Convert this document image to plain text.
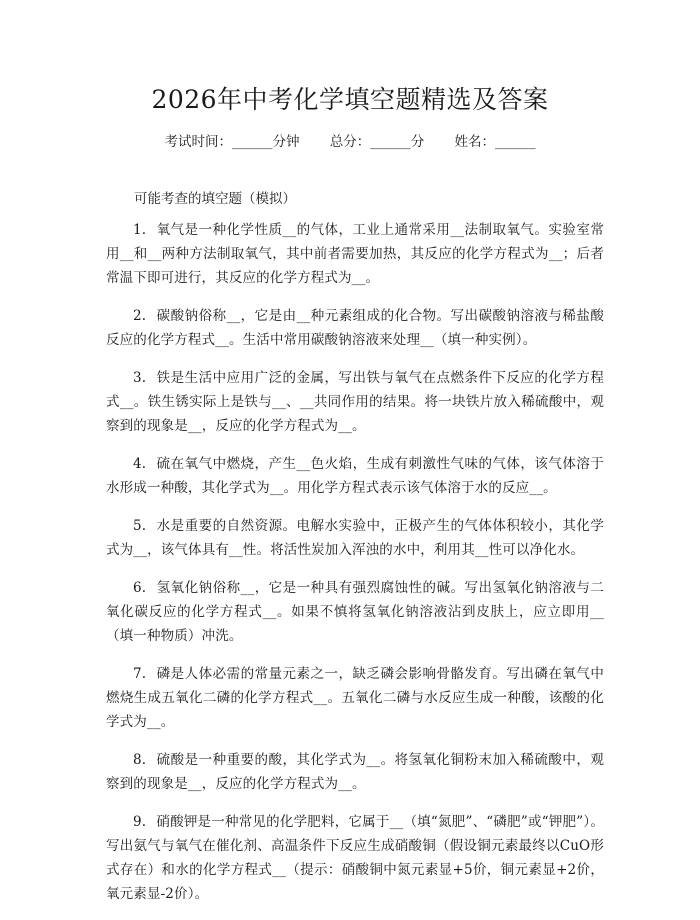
2026年中考化学填空题精选及答案
考试时间：______分钟 总分：______分 姓名：______
可能考查的填空题（模拟）
1. 氧气是一种化学性质__的气体，工业上通常采用__法制取氧气。实验室常用__和__两种方法制取氧气，其中前者需要加热，其反应的化学方程式为__；后者常温下即可进行，其反应的化学方程式为__。
2. 碳酸钠俗称__，它是由__种元素组成的化合物。写出碳酸钠溶液与稀盐酸反应的化学方程式__。生活中常用碳酸钠溶液来处理__（填一种实例）。
3. 铁是生活中应用广泛的金属，写出铁与氧气在点燃条件下反应的化学方程式__。铁生锈实际上是铁与__、__共同作用的结果。将一块铁片放入稀硫酸中，观察到的现象是__，反应的化学方程式为__。
4. 硫在氧气中燃烧，产生__色火焰，生成有刺激性气味的气体，该气体溶于水形成一种酸，其化学式为__。用化学方程式表示该气体溶于水的反应__。
5. 水是重要的自然资源。电解水实验中，正极产生的气体体积较小，其化学式为__，该气体具有__性。将活性炭加入浑浊的水中，利用其__性可以净化水。
6. 氢氧化钠俗称__，它是一种具有强烈腐蚀性的碱。写出氢氧化钠溶液与二氧化碳反应的化学方程式__。如果不慎将氢氧化钠溶液沾到皮肤上，应立即用__（填一种物质）冲洗。
7. 磷是人体必需的常量元素之一，缺乏磷会影响骨骼发育。写出磷在氧气中燃烧生成五氧化二磷的化学方程式__。五氧化二磷与水反应生成一种酸，该酸的化学式为__。
8. 硫酸是一种重要的酸，其化学式为__。将氢氧化铜粉末加入稀硫酸中，观察到的现象是__，反应的化学方程式为__。
9. 硝酸钾是一种常见的化学肥料，它属于__（填“氮肥”、“磷肥”或“钾肥”）。写出氨气与氧气在催化剂、高温条件下反应生成硝酸铜（假设铜元素最终以CuO形式存在）和水的化学方程式__（提示：硝酸铜中氮元素显+5价，铜元素显+2价，氧元素显-2价）。
